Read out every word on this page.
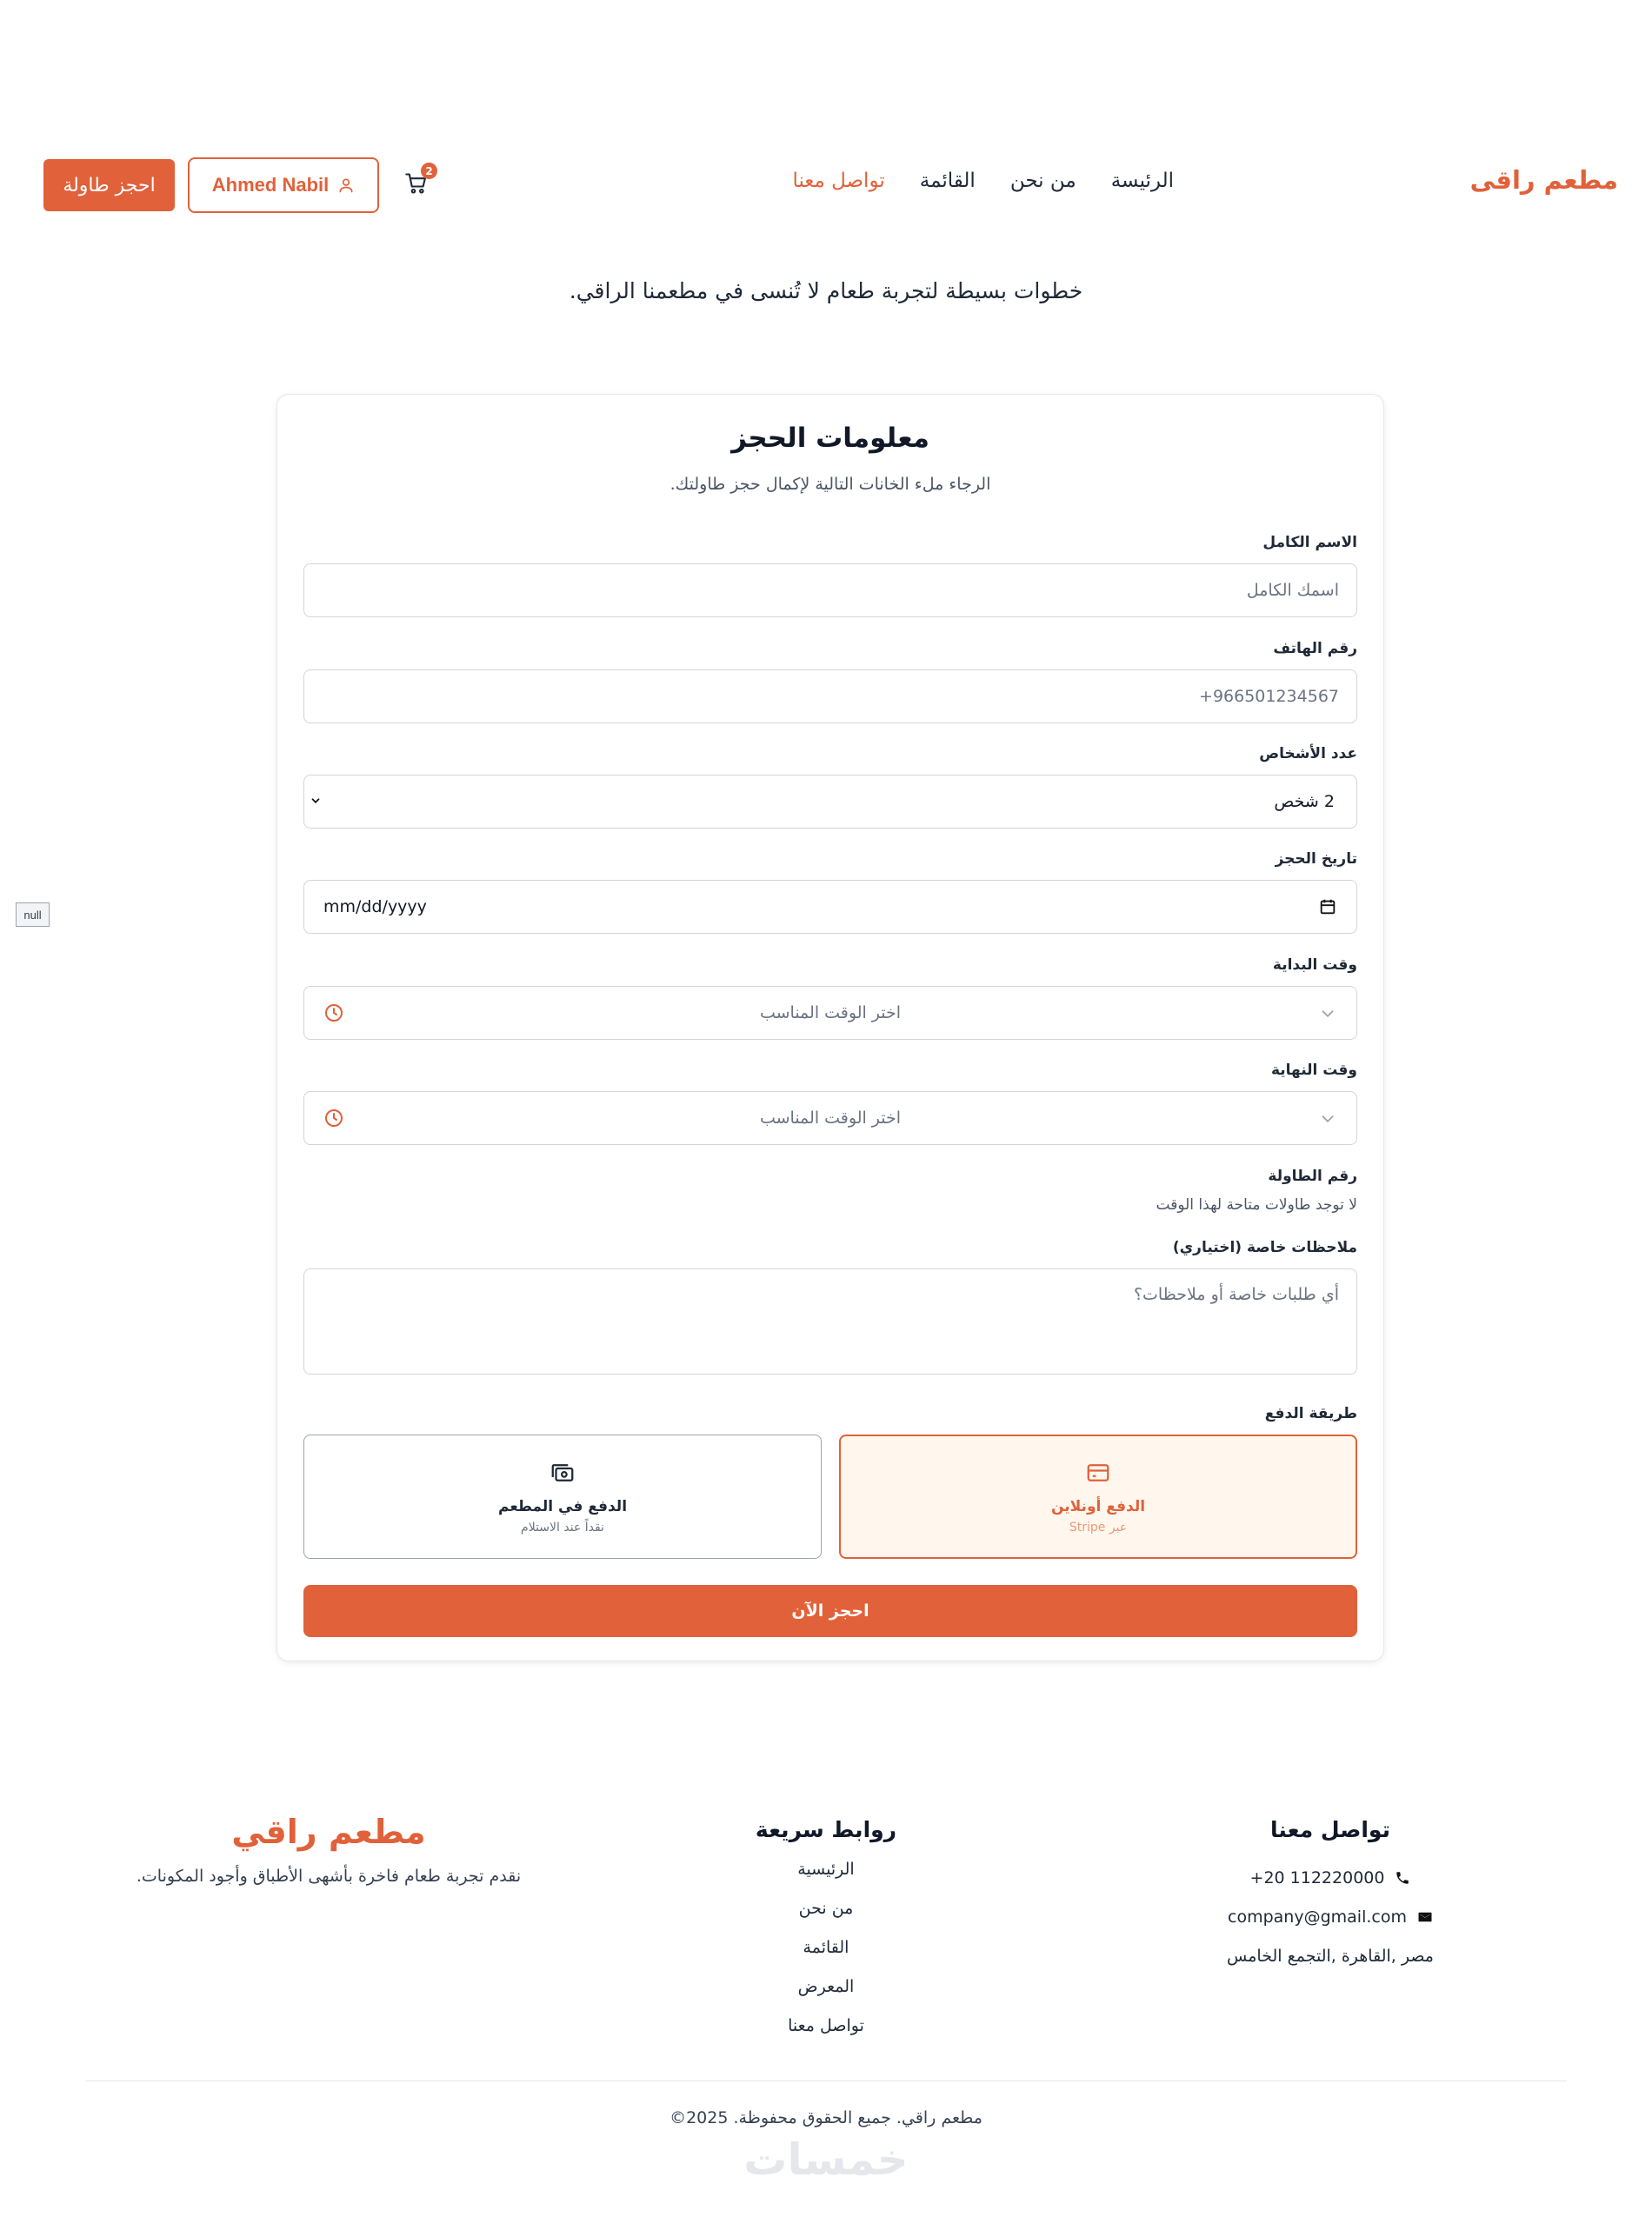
مطعم راقى
الرئيسة
من نحن
القائمة
تواصل معنا
2
Ahmed Nabil
احجز طاولة
خطوات بسيطة لتجربة طعام لا تُنسى في مطعمنا الراقي.
null
معلومات الحجز
الرجاء ملء الخانات التالية لإكمال حجز طاولتك.
الاسم الكامل
اسمك الكامل
رقم الهاتف
966501234567+
عدد الأشخاص
2 شخص
تاريخ الحجز
mm/dd/yyyy
وقت البداية
اختر الوقت المناسب
وقت النهاية
اختر الوقت المناسب
رقم الطاولة
لا توجد طاولات متاحة لهذا الوقت
ملاحظات خاصة (اختياري)
أي طلبات خاصة أو ملاحظات؟
طريقة الدفع
الدفع أونلاين
عبر Stripe
الدفع في المطعم
نقداً عند الاستلام
احجز الآن
مطعم راقي
نقدم تجربة طعام فاخرة بأشهى الأطباق وأجود المكونات.
روابط سريعة
الرئيسية
من نحن
القائمة
المعرض
تواصل معنا
تواصل معنا
+20 112220000
company@gmail.com
مصر ,القاهرة ,التجمع الخامس
مطعم راقي. جميع الحقوق محفوظة. 2025©
خمسات
